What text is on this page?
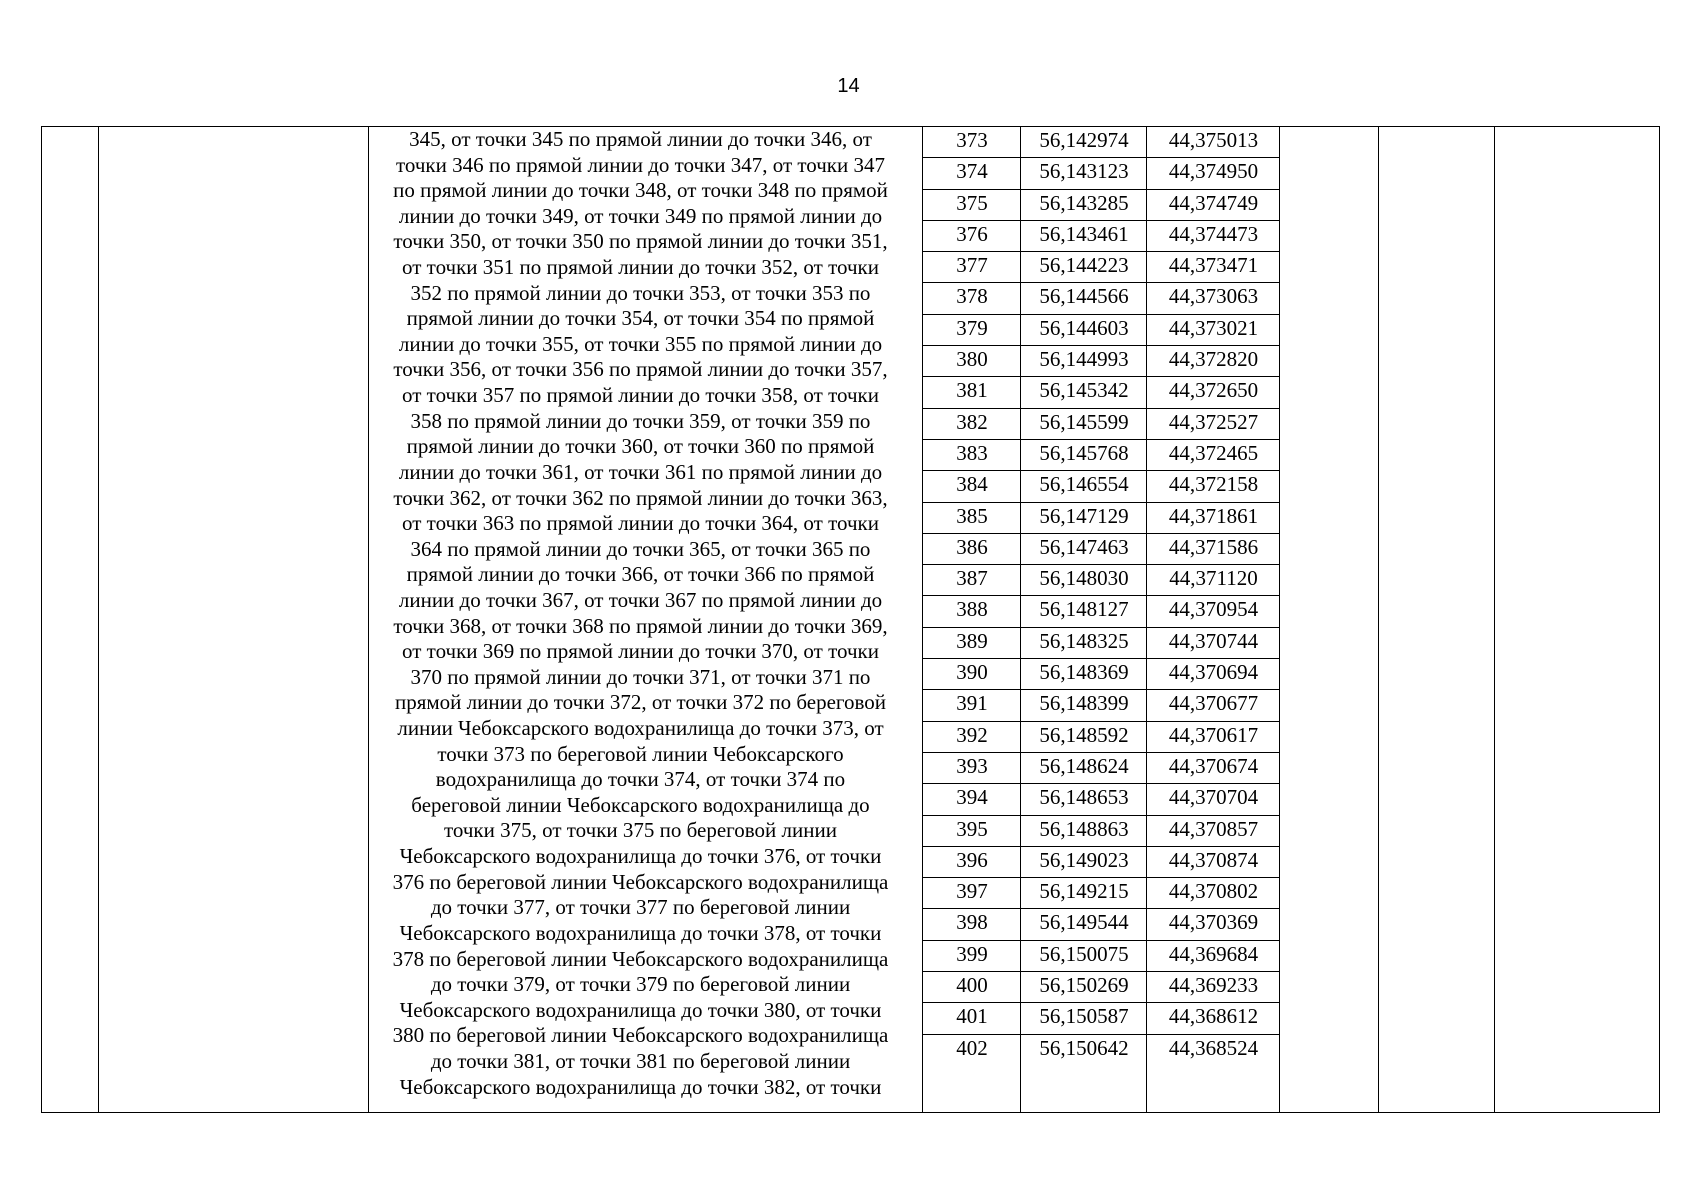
14
345, от точки 345 по прямой линии до точки 346, от
точки 346 по прямой линии до точки 347, от точки 347
по прямой линии до точки 348, от точки 348 по прямой
линии до точки 349, от точки 349 по прямой линии до
точки 350, от точки 350 по прямой линии до точки 351,
от точки 351 по прямой линии до точки 352, от точки
352 по прямой линии до точки 353, от точки 353 по
прямой линии до точки 354, от точки 354 по прямой
линии до точки 355, от точки 355 по прямой линии до
точки 356, от точки 356 по прямой линии до точки 357,
от точки 357 по прямой линии до точки 358, от точки
358 по прямой линии до точки 359, от точки 359 по
прямой линии до точки 360, от точки 360 по прямой
линии до точки 361, от точки 361 по прямой линии до
точки 362, от точки 362 по прямой линии до точки 363,
от точки 363 по прямой линии до точки 364, от точки
364 по прямой линии до точки 365, от точки 365 по
прямой линии до точки 366, от точки 366 по прямой
линии до точки 367, от точки 367 по прямой линии до
точки 368, от точки 368 по прямой линии до точки 369,
от точки 369 по прямой линии до точки 370, от точки
370 по прямой линии до точки 371, от точки 371 по
прямой линии до точки 372, от точки 372 по береговой
линии Чебоксарского водохранилища до точки 373, от
точки 373 по береговой линии Чебоксарского
водохранилища до точки 374, от точки 374 по
береговой линии Чебоксарского водохранилища до
точки 375, от точки 375 по береговой линии
Чебоксарского водохранилища до точки 376, от точки
376 по береговой линии Чебоксарского водохранилища
до точки 377, от точки 377 по береговой линии
Чебоксарского водохранилища до точки 378, от точки
378 по береговой линии Чебоксарского водохранилища
до точки 379, от точки 379 по береговой линии
Чебоксарского водохранилища до точки 380, от точки
380 по береговой линии Чебоксарского водохранилища
до точки 381, от точки 381 по береговой линии
Чебоксарского водохранилища до точки 382, от точки
373	56,142974	44,375013
374	56,143123	44,374950
375	56,143285	44,374749
376	56,143461	44,374473
377	56,144223	44,373471
378	56,144566	44,373063
379	56,144603	44,373021
380	56,144993	44,372820
381	56,145342	44,372650
382	56,145599	44,372527
383	56,145768	44,372465
384	56,146554	44,372158
385	56,147129	44,371861
386	56,147463	44,371586
387	56,148030	44,371120
388	56,148127	44,370954
389	56,148325	44,370744
390	56,148369	44,370694
391	56,148399	44,370677
392	56,148592	44,370617
393	56,148624	44,370674
394	56,148653	44,370704
395	56,148863	44,370857
396	56,149023	44,370874
397	56,149215	44,370802
398	56,149544	44,370369
399	56,150075	44,369684
400	56,150269	44,369233
401	56,150587	44,368612
402	56,150642	44,368524
